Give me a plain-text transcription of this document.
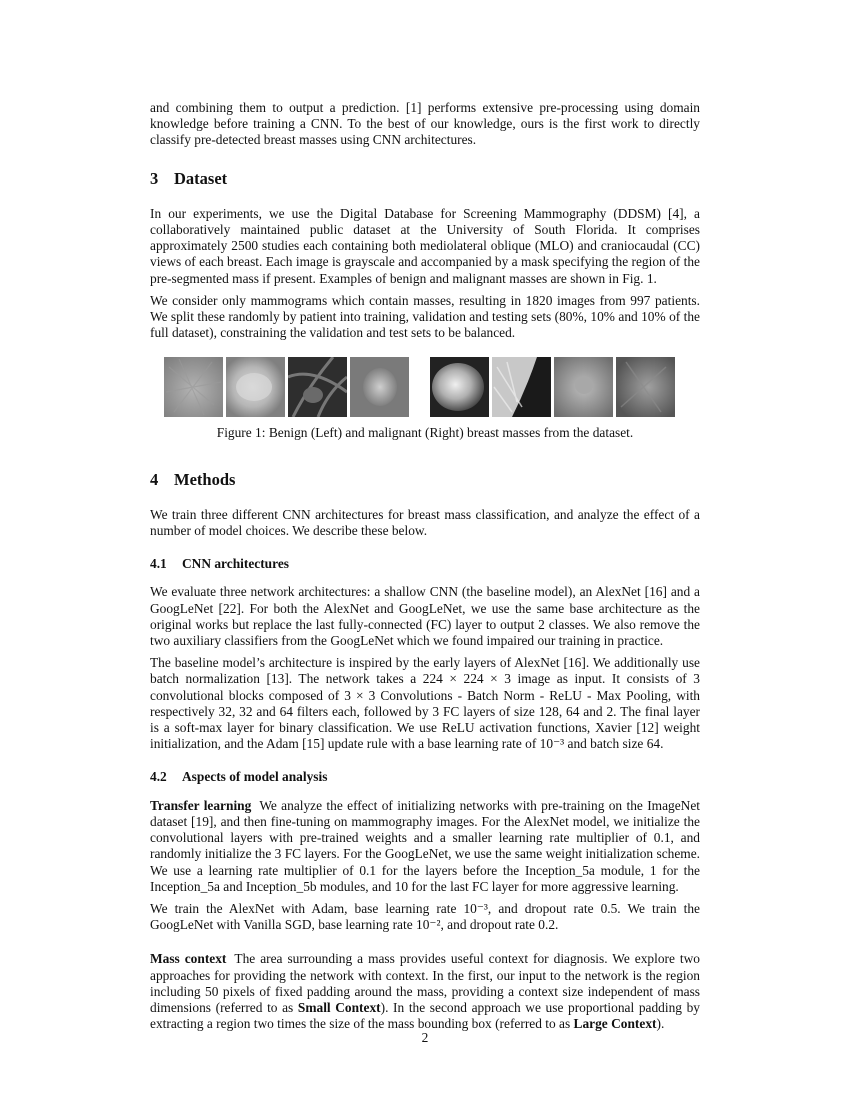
and combining them to output a prediction. [1] performs extensive pre-processing using domain knowledge before training a CNN. To the best of our knowledge, ours is the first work to directly classify pre-detected breast masses using CNN architectures.

3 Dataset

In our experiments, we use the Digital Database for Screening Mammography (DDSM) [4], a collaboratively maintained public dataset at the University of South Florida. It comprises approximately 2500 studies each containing both mediolateral oblique (MLO) and craniocaudal (CC) views of each breast. Each image is grayscale and accompanied by a mask specifying the region of the pre-segmented mass if present. Examples of benign and malignant masses are shown in Fig. 1.

We consider only mammograms which contain masses, resulting in 1820 images from 997 patients. We split these randomly by patient into training, validation and testing sets (80%, 10% and 10% of the full dataset), constraining the validation and test sets to be balanced.

Figure 1: Benign (Left) and malignant (Right) breast masses from the dataset.
4 Methods

We train three different CNN architectures for breast mass classification, and analyze the effect of a number of model choices. We describe these below.

4.1 CNN architectures

We evaluate three network architectures: a shallow CNN (the baseline model), an AlexNet [16] and a GoogLeNet [22]. For both the AlexNet and GoogLeNet, we use the same base architecture as the original works but replace the last fully-connected (FC) layer to output 2 classes. We also remove the two auxiliary classifiers from the GoogLeNet which we found impaired our training in practice.

The baseline model’s architecture is inspired by the early layers of AlexNet [16]. We additionally use batch normalization [13]. The network takes a 224 × 224 × 3 image as input. It consists of 3 convolutional blocks composed of 3 × 3 Convolutions - Batch Norm - ReLU - Max Pooling, with respectively 32, 32 and 64 filters each, followed by 3 FC layers of size 128, 64 and 2. The final layer is a soft-max layer for binary classification. We use ReLU activation functions, Xavier [12] weight initialization, and the Adam [15] update rule with a base learning rate of 10⁻³ and batch size 64.

4.2 Aspects of model analysis

Transfer learning We analyze the effect of initializing networks with pre-training on the ImageNet dataset [19], and then fine-tuning on mammography images. For the AlexNet model, we initialize the convolutional layers with pre-trained weights and a smaller learning rate multiplier of 0.1, and randomly initialize the 3 FC layers. For the GoogLeNet, we use the same weight initialization scheme. We use a learning rate multiplier of 0.1 for the layers before the Inception_5a module, 1 for the Inception_5a and Inception_5b modules, and 10 for the last FC layer for more aggressive learning.

We train the AlexNet with Adam, base learning rate 10⁻³, and dropout rate 0.5. We train the GoogLeNet with Vanilla SGD, base learning rate 10⁻², and dropout rate 0.2.

Mass context The area surrounding a mass provides useful context for diagnosis. We explore two approaches for providing the network with context. In the first, our input to the network is the region including 50 pixels of fixed padding around the mass, providing a context size independent of mass dimensions (referred to as Small Context). In the second approach we use proportional padding by extracting a region two times the size of the mass bounding box (referred to as Large Context).

2
